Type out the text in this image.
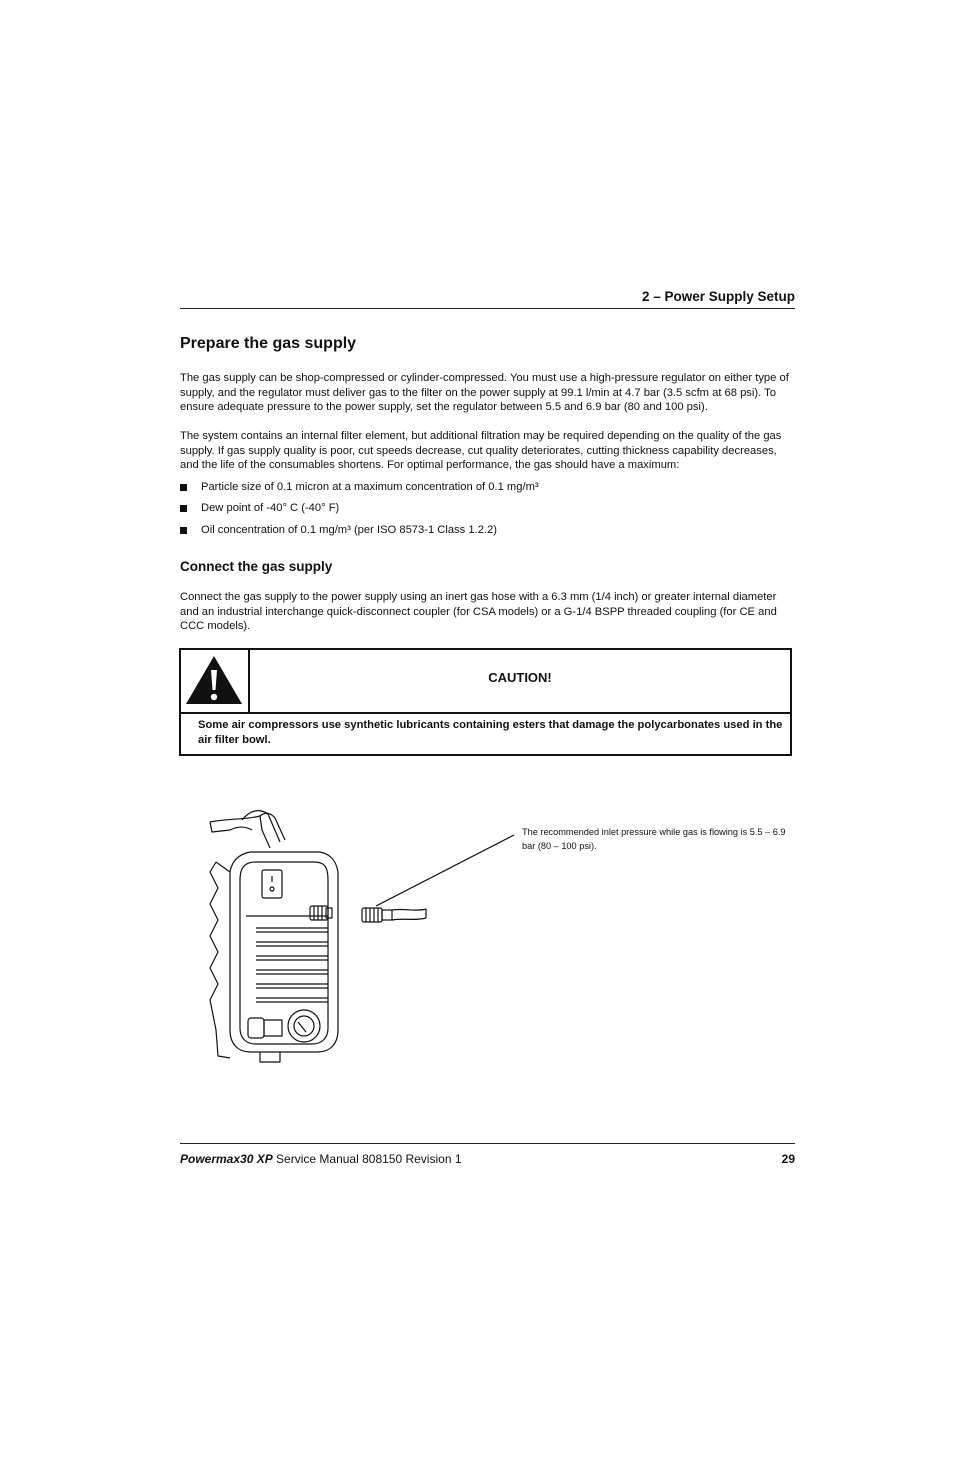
2 – Power Supply Setup
Prepare the gas supply
The gas supply can be shop-compressed or cylinder-compressed. You must use a high-pressure regulator on either type of supply, and the regulator must deliver gas to the filter on the power supply at 99.1 l/min at 4.7 bar (3.5 scfm at 68 psi). To ensure adequate pressure to the power supply, set the regulator between 5.5 and 6.9 bar (80 and 100 psi).
The system contains an internal filter element, but additional filtration may be required depending on the quality of the gas supply. If gas supply quality is poor, cut speeds decrease, cut quality deteriorates, cutting thickness capability decreases, and the life of the consumables shortens. For optimal performance, the gas should have a maximum:
Particle size of 0.1 micron at a maximum concentration of 0.1 mg/m³
Dew point of -40° C (-40° F)
Oil concentration of 0.1 mg/m³ (per ISO 8573-1 Class 1.2.2)
Connect the gas supply
Connect the gas supply to the power supply using an inert gas hose with a 6.3 mm (1/4 inch) or greater internal diameter and an industrial interchange quick-disconnect coupler (for CSA models) or a G-1/4 BSPP threaded coupling (for CE and CCC models).
CAUTION!
Some air compressors use synthetic lubricants containing esters that damage the polycarbonates used in the air filter bowl.
The recommended inlet pressure while gas is flowing is 5.5 – 6.9 bar (80 – 100 psi).
Powermax30 XP Service Manual 808150 Revision 1	29
